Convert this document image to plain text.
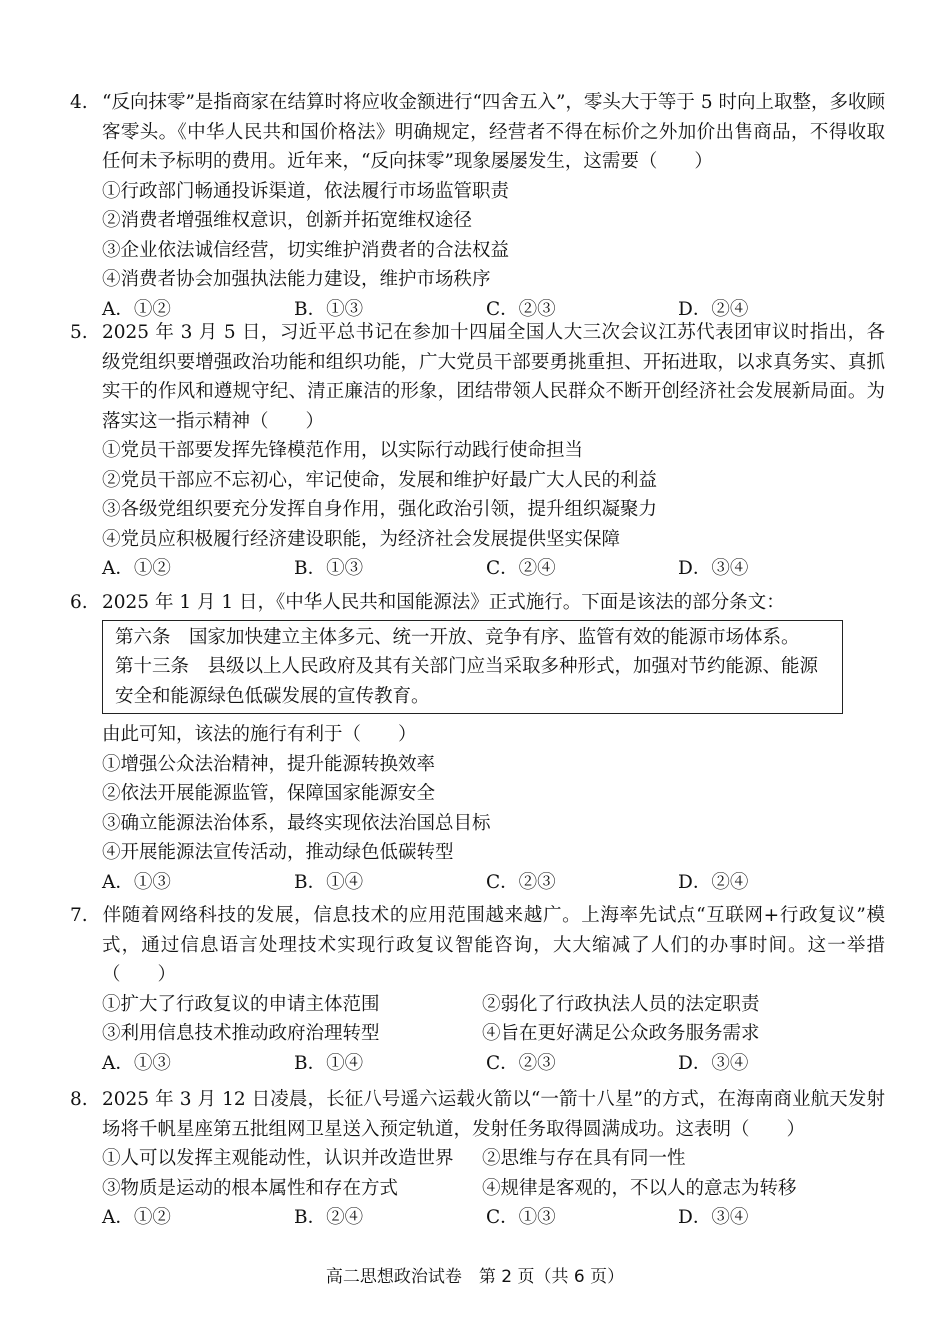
4. “反向抹零”是指商家在结算时将应收金额进行“四舍五入”，零头大于等于 5 时向上取整，多收顾客零头。《中华人民共和国价格法》明确规定，经营者不得在标价之外加价出售商品，不得收取任何未予标明的费用。近年来，“反向抹零”现象屡屡发生，这需要（　　）

①行政部门畅通投诉渠道，依法履行市场监管职责

②消费者增强维权意识，创新并拓宽维权途径

③企业依法诚信经营，切实维护消费者的合法权益

④消费者协会加强执法能力建设，维护市场秩序

A．①②	B．①③	C．②③	D．②④

5. 2025 年 3 月 5 日，习近平总书记在参加十四届全国人大三次会议江苏代表团审议时指出，各级党组织要增强政治功能和组织功能，广大党员干部要勇挑重担、开拓进取，以求真务实、真抓实干的作风和遵规守纪、清正廉洁的形象，团结带领人民群众不断开创经济社会发展新局面。为落实这一指示精神（　　）

①党员干部要发挥先锋模范作用，以实际行动践行使命担当

②党员干部应不忘初心，牢记使命，发展和维护好最广大人民的利益

③各级党组织要充分发挥自身作用，强化政治引领，提升组织凝聚力

④党员应积极履行经济建设职能，为经济社会发展提供坚实保障

A．①②	B．①③	C．②④	D．③④

6. 2025 年 1 月 1 日，《中华人民共和国能源法》正式施行。下面是该法的部分条文：

第六条　国家加快建立主体多元、统一开放、竞争有序、监管有效的能源市场体系。

第十三条　县级以上人民政府及其有关部门应当采取多种形式，加强对节约能源、能源安全和能源绿色低碳发展的宣传教育。

由此可知，该法的施行有利于（　　）

①增强公众法治精神，提升能源转换效率

②依法开展能源监管，保障国家能源安全

③确立能源法治体系，最终实现依法治国总目标

④开展能源法宣传活动，推动绿色低碳转型

A．①③	B．①④	C．②③	D．②④

7. 伴随着网络科技的发展，信息技术的应用范围越来越广。上海率先试点“互联网+行政复议”模式，通过信息语言处理技术实现行政复议智能咨询，大大缩减了人们的办事时间。这一举措（　　）

①扩大了行政复议的申请主体范围	②弱化了行政执法人员的法定职责
③利用信息技术推动政府治理转型	④旨在更好满足公众政务服务需求
A．①③	B．①④	C．②③	D．③④

8. 2025 年 3 月 12 日凌晨，长征八号遥六运载火箭以“一箭十八星”的方式，在海南商业航天发射场将千帆星座第五批组网卫星送入预定轨道，发射任务取得圆满成功。这表明（　　）

①人可以发挥主观能动性，认识并改造世界	②思维与存在具有同一性
③物质是运动的根本属性和存在方式	④规律是客观的，不以人的意志为转移
A．①②	B．②④	C．①③	D．③④
高二思想政治试卷　第 2 页（共 6 页）
